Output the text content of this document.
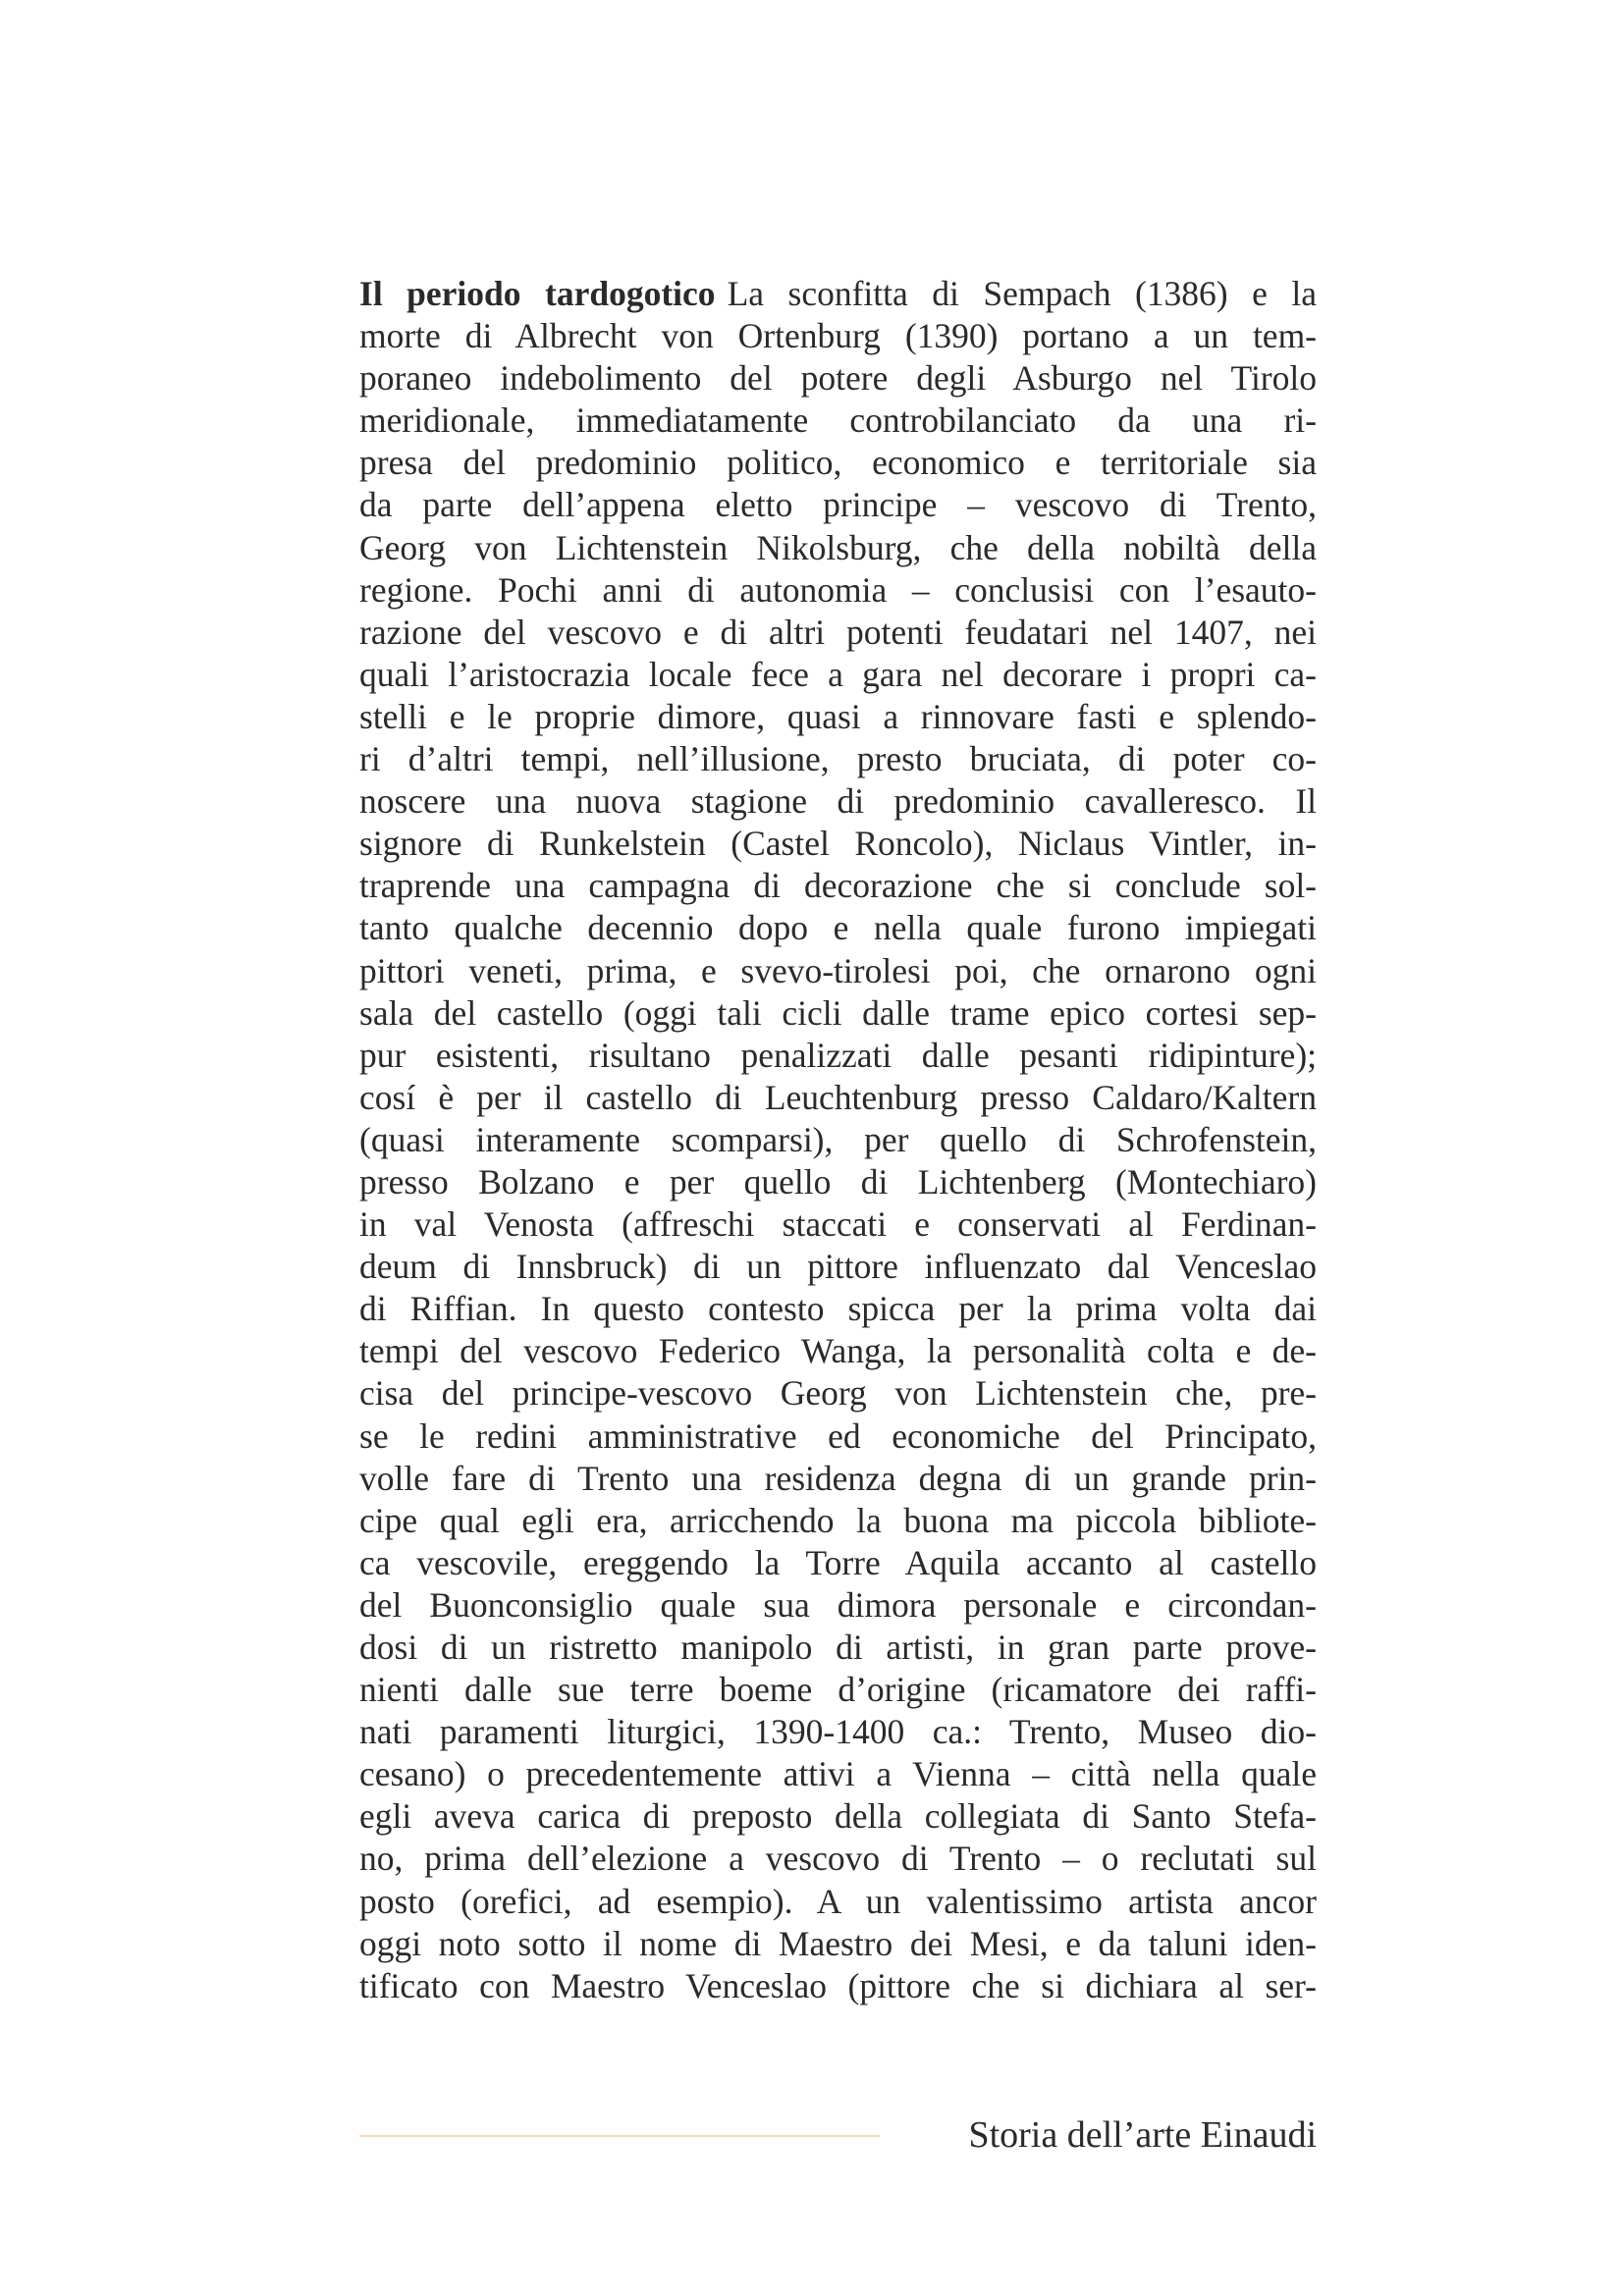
Il periodo tardogotico La sconfitta di Sempach (1386) e la
morte di Albrecht von Ortenburg (1390) portano a un tem-
poraneo indebolimento del potere degli Asburgo nel Tirolo
meridionale, immediatamente controbilanciato da una ri-
presa del predominio politico, economico e territoriale sia
da parte dell’appena eletto principe – vescovo di Trento,
Georg von Lichtenstein Nikolsburg, che della nobiltà della
regione. Pochi anni di autonomia – conclusisi con l’esauto-
razione del vescovo e di altri potenti feudatari nel 1407, nei
quali l’aristocrazia locale fece a gara nel decorare i propri ca-
stelli e le proprie dimore, quasi a rinnovare fasti e splendo-
ri d’altri tempi, nell’illusione, presto bruciata, di poter co-
noscere una nuova stagione di predominio cavalleresco. Il
signore di Runkelstein (Castel Roncolo), Niclaus Vintler, in-
traprende una campagna di decorazione che si conclude sol-
tanto qualche decennio dopo e nella quale furono impiegati
pittori veneti, prima, e svevo-tirolesi poi, che ornarono ogni
sala del castello (oggi tali cicli dalle trame epico cortesi sep-
pur esistenti, risultano penalizzati dalle pesanti ridipinture);
cosí è per il castello di Leuchtenburg presso Caldaro/Kaltern
(quasi interamente scomparsi), per quello di Schrofenstein,
presso Bolzano e per quello di Lichtenberg (Montechiaro)
in val Venosta (affreschi staccati e conservati al Ferdinan-
deum di Innsbruck) di un pittore influenzato dal Venceslao
di Riffian. In questo contesto spicca per la prima volta dai
tempi del vescovo Federico Wanga, la personalità colta e de-
cisa del principe-vescovo Georg von Lichtenstein che, pre-
se le redini amministrative ed economiche del Principato,
volle fare di Trento una residenza degna di un grande prin-
cipe qual egli era, arricchendo la buona ma piccola bibliote-
ca vescovile, ereggendo la Torre Aquila accanto al castello
del Buonconsiglio quale sua dimora personale e circondan-
dosi di un ristretto manipolo di artisti, in gran parte prove-
nienti dalle sue terre boeme d’origine (ricamatore dei raffi-
nati paramenti liturgici, 1390-1400 ca.: Trento, Museo dio-
cesano) o precedentemente attivi a Vienna – città nella quale
egli aveva carica di preposto della collegiata di Santo Stefa-
no, prima dell’elezione a vescovo di Trento – o reclutati sul
posto (orefici, ad esempio). A un valentissimo artista ancor
oggi noto sotto il nome di Maestro dei Mesi, e da taluni iden-
tificato con Maestro Venceslao (pittore che si dichiara al ser-
Storia dell’arte Einaudi
